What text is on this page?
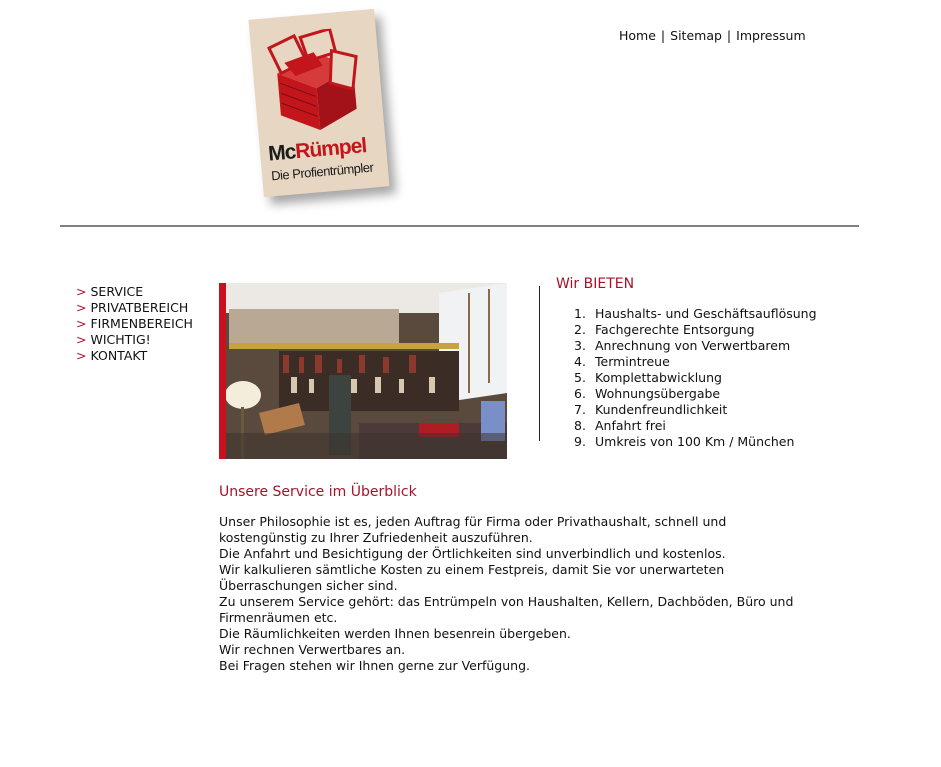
McRümpel
Die Profientrümpler
Home | Sitemap | Impressum
> SERVICE
> PRIVATBEREICH
> FIRMENBEREICH
> WICHTIG!
> KONTAKT
Wir BIETEN
1. Haushalts- und Geschäftsauflösung
2. Fachgerechte Entsorgung
3. Anrechnung von Verwertbarem
4. Termintreue
5. Komplettabwicklung
6. Wohnungsübergabe
7. Kundenfreundlichkeit
8. Anfahrt frei
9. Umkreis von 100 Km / München
Unsere Service im Überblick
Unser Philosophie ist es, jeden Auftrag für Firma oder Privathaushalt, schnell und
kostengünstig zu Ihrer Zufriedenheit auszuführen.
Die Anfahrt und Besichtigung der Örtlichkeiten sind unverbindlich und kostenlos.
Wir kalkulieren sämtliche Kosten zu einem Festpreis, damit Sie vor unerwarteten
Überraschungen sicher sind.
Zu unserem Service gehört: das Entrümpeln von Haushalten, Kellern, Dachböden, Büro und
Firmenräumen etc.
Die Räumlichkeiten werden Ihnen besenrein übergeben.
Wir rechnen Verwertbares an.
Bei Fragen stehen wir Ihnen gerne zur Verfügung.
